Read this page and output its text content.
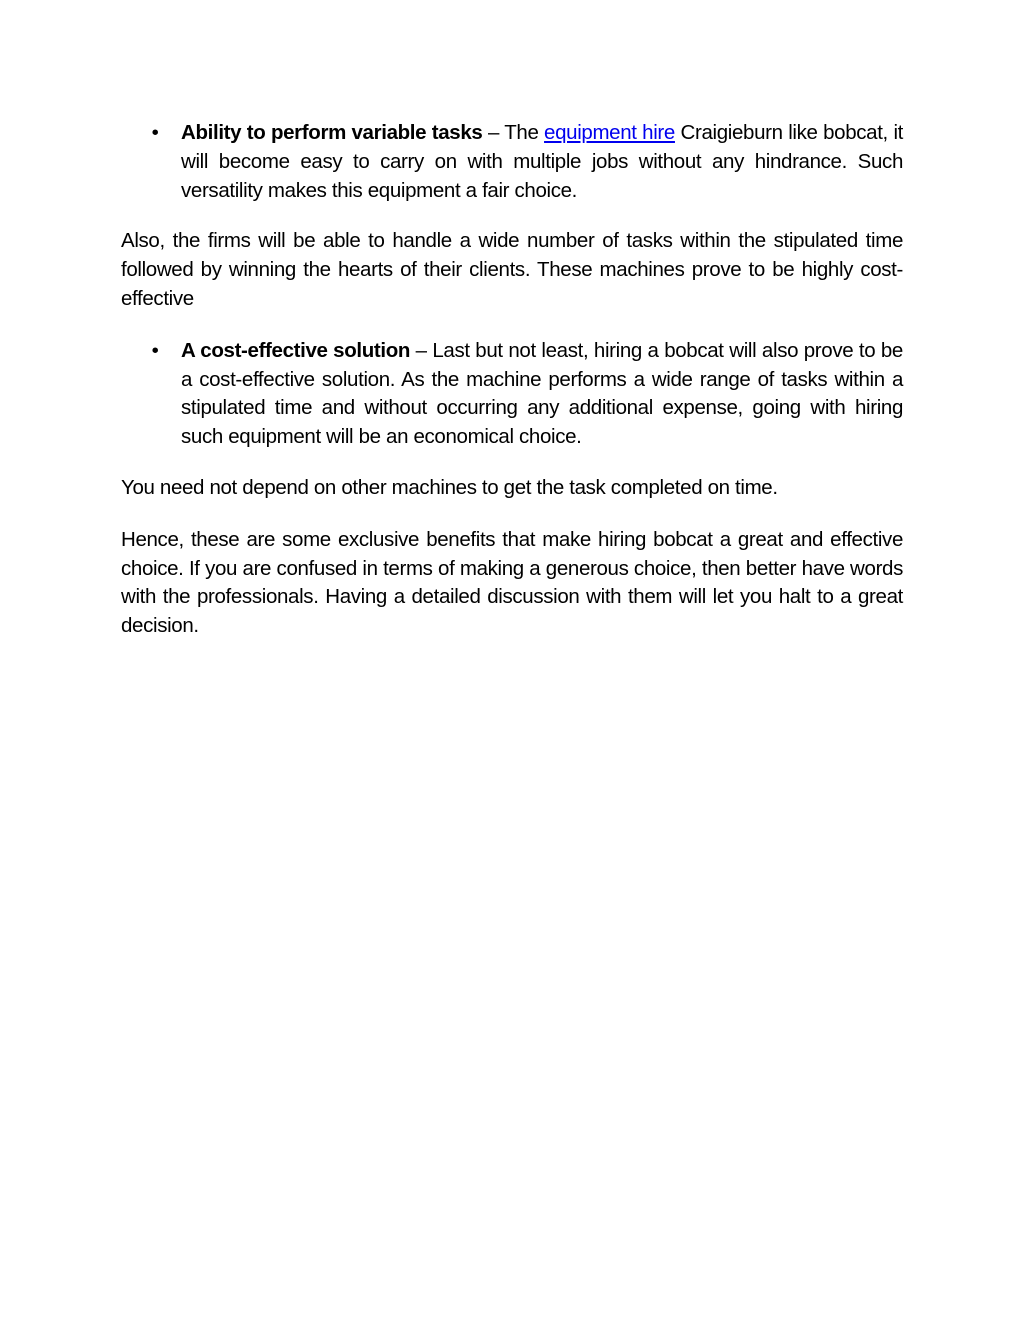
• Ability to perform variable tasks – The equipment hire Craigieburn like bobcat, it will become easy to carry on with multiple jobs without any hindrance. Such versatility makes this equipment a fair choice.

Also, the firms will be able to handle a wide number of tasks within the stipulated time followed by winning the hearts of their clients. These machines prove to be highly cost-effective

• A cost-effective solution – Last but not least, hiring a bobcat will also prove to be a cost-effective solution. As the machine performs a wide range of tasks within a stipulated time and without occurring any additional expense, going with hiring such equipment will be an economical choice.

You need not depend on other machines to get the task completed on time.

Hence, these are some exclusive benefits that make hiring bobcat a great and effective choice. If you are confused in terms of making a generous choice, then better have words with the professionals. Having a detailed discussion with them will let you halt to a great decision.
